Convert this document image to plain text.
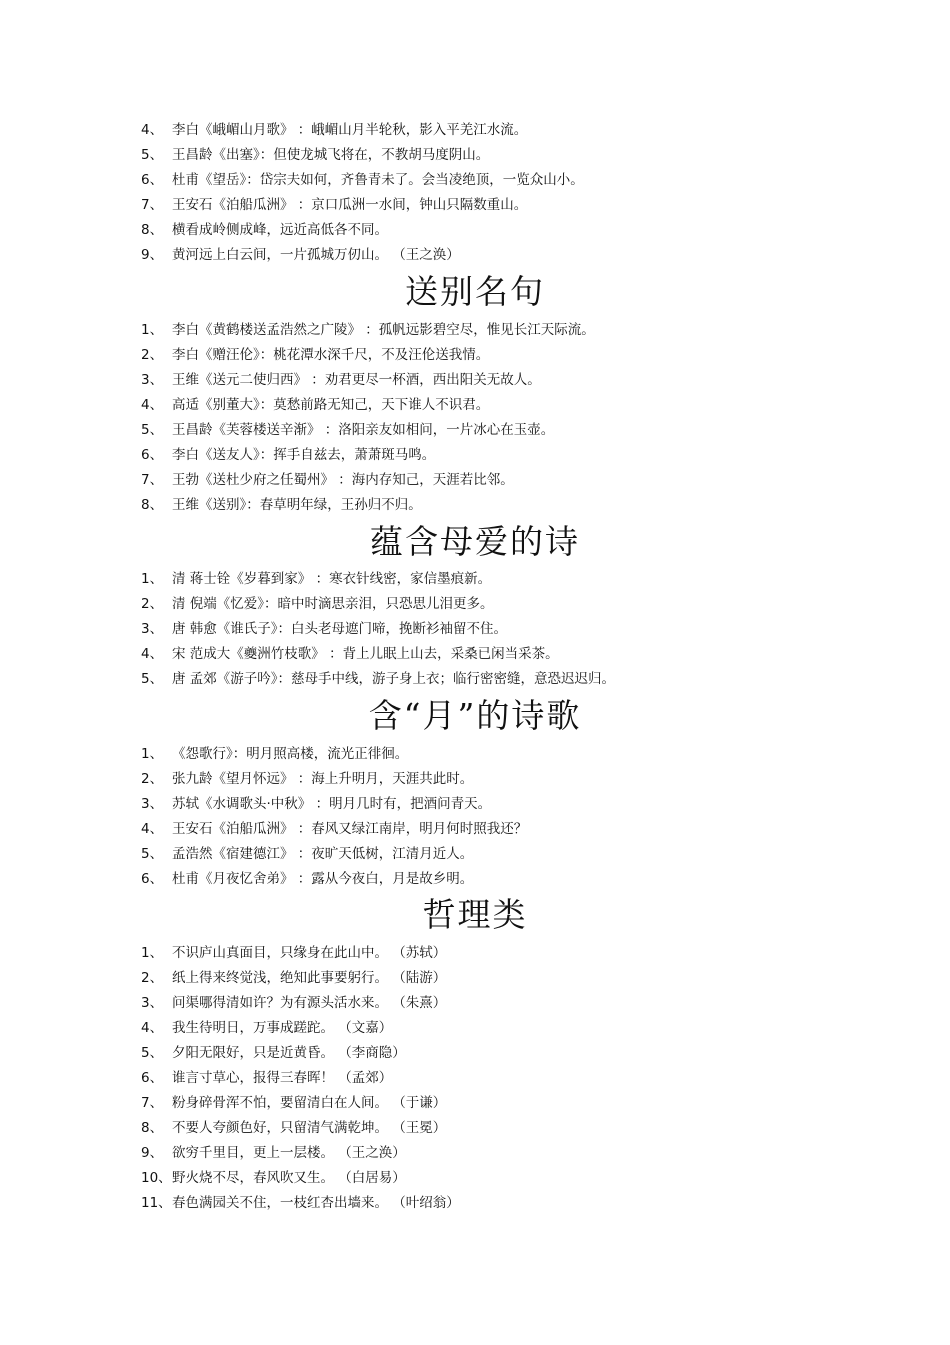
4、 李白《峨嵋山月歌》 ：峨嵋山月半轮秋，影入平羌江水流。
5、 王昌龄《出塞》：但使龙城飞将在，不教胡马度阴山。
6、 杜甫《望岳》：岱宗夫如何，齐鲁青未了。会当凌绝顶，一览众山小。
7、 王安石《泊船瓜洲》 ：京口瓜洲一水间，钟山只隔数重山。
8、 横看成岭侧成峰，远近高低各不同。
9、 黄河远上白云间，一片孤城万仞山。 （王之涣）
送别名句
1、 李白《黄鹤楼送孟浩然之广陵》 ：孤帆远影碧空尽，惟见长江天际流。
2、 李白《赠汪伦》：桃花潭水深千尺，不及汪伦送我情。
3、 王维《送元二使归西》 ：劝君更尽一杯酒，西出阳关无故人。
4、 高适《别董大》：莫愁前路无知己，天下谁人不识君。
5、 王昌龄《芙蓉楼送辛渐》 ：洛阳亲友如相问，一片冰心在玉壶。
6、 李白《送友人》：挥手自兹去，萧萧斑马鸣。
7、 王勃《送杜少府之任蜀州》 ：海内存知己，天涯若比邻。
8、 王维《送别》：春草明年绿，王孙归不归。
蕴含母爱的诗
1、 清 蒋士铨《岁暮到家》 ：寒衣针线密，家信墨痕新。
2、 清 倪端《忆爱》：暗中时滴思亲泪，只恐思儿泪更多。
3、 唐 韩愈《谁氏子》：白头老母遮门啼，挽断衫袖留不住。
4、 宋 范成大《夔洲竹枝歌》 ：背上儿眠上山去，采桑已闲当采茶。
5、 唐 孟郊《游子吟》：慈母手中线，游子身上衣；临行密密缝，意恐迟迟归。
含“月”的诗歌
1、 《怨歌行》：明月照高楼，流光正徘徊。
2、 张九龄《望月怀远》 ：海上升明月，天涯共此时。
3、 苏轼《水调歌头·中秋》 ：明月几时有，把酒问青天。
4、 王安石《泊船瓜洲》 ：春风又绿江南岸，明月何时照我还？
5、 孟浩然《宿建德江》 ：夜旷天低树，江清月近人。
6、 杜甫《月夜忆舍弟》 ：露从今夜白，月是故乡明。
哲理类
1、 不识庐山真面目，只缘身在此山中。 （苏轼）
2、 纸上得来终觉浅，绝知此事要躬行。 （陆游）
3、 问渠哪得清如许？为有源头活水来。 （朱熹）
4、 我生待明日，万事成蹉跎。 （文嘉）
5、 夕阳无限好，只是近黄昏。 （李商隐）
6、 谁言寸草心，报得三春晖！ （孟郊）
7、 粉身碎骨浑不怕，要留清白在人间。 （于谦）
8、 不要人夸颜色好，只留清气满乾坤。 （王冕）
9、 欲穷千里目，更上一层楼。 （王之涣）
10、野火烧不尽，春风吹又生。 （白居易）
11、春色满园关不住，一枝红杏出墙来。 （叶绍翁）
